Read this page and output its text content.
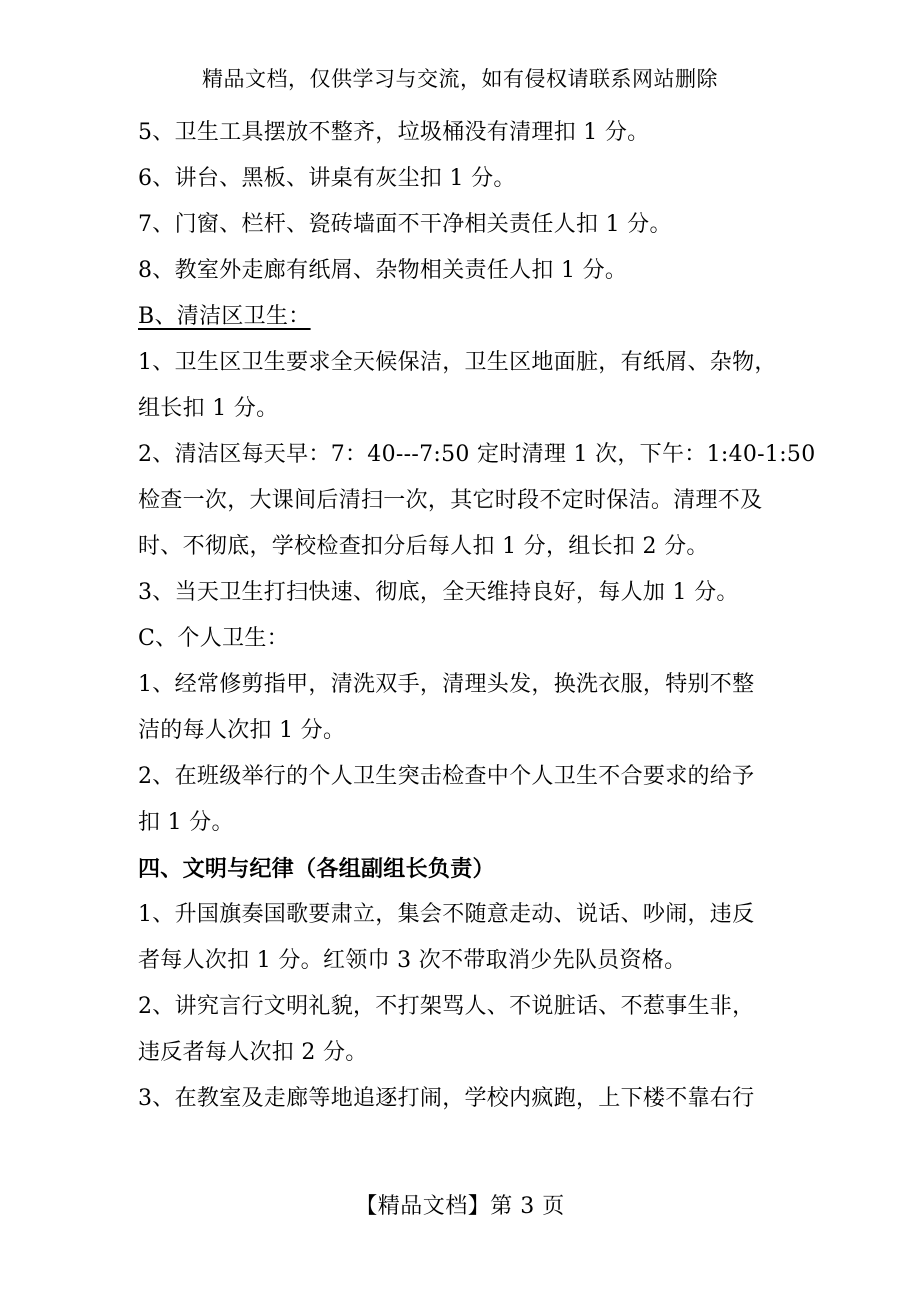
精品文档，仅供学习与交流，如有侵权请联系网站删除
5、卫生工具摆放不整齐，垃圾桶没有清理扣 1 分。
6、讲台、黑板、讲桌有灰尘扣 1 分。
7、门窗、栏杆、瓷砖墙面不干净相关责任人扣 1 分。
8、教室外走廊有纸屑、杂物相关责任人扣 1 分。
B、清洁区卫生：
1、卫生区卫生要求全天候保洁，卫生区地面脏，有纸屑、杂物，
组长扣 1 分。
2、清洁区每天早：7：40---7:50 定时清理 1 次，下午：1:40-1:50
检查一次，大课间后清扫一次，其它时段不定时保洁。清理不及
时、不彻底，学校检查扣分后每人扣 1 分，组长扣 2 分。
3、当天卫生打扫快速、彻底，全天维持良好，每人加 1 分。
C、个人卫生：
1、经常修剪指甲，清洗双手，清理头发，换洗衣服，特别不整
洁的每人次扣 1 分。
2、在班级举行的个人卫生突击检查中个人卫生不合要求的给予
扣 1 分。
四、文明与纪律（各组副组长负责）
1、升国旗奏国歌要肃立，集会不随意走动、说话、吵闹，违反
者每人次扣 1 分。红领巾 3 次不带取消少先队员资格。
2、讲究言行文明礼貌，不打架骂人、不说脏话、不惹事生非，
违反者每人次扣 2 分。
3、在教室及走廊等地追逐打闹，学校内疯跑，上下楼不靠右行
【精品文档】第 3 页
